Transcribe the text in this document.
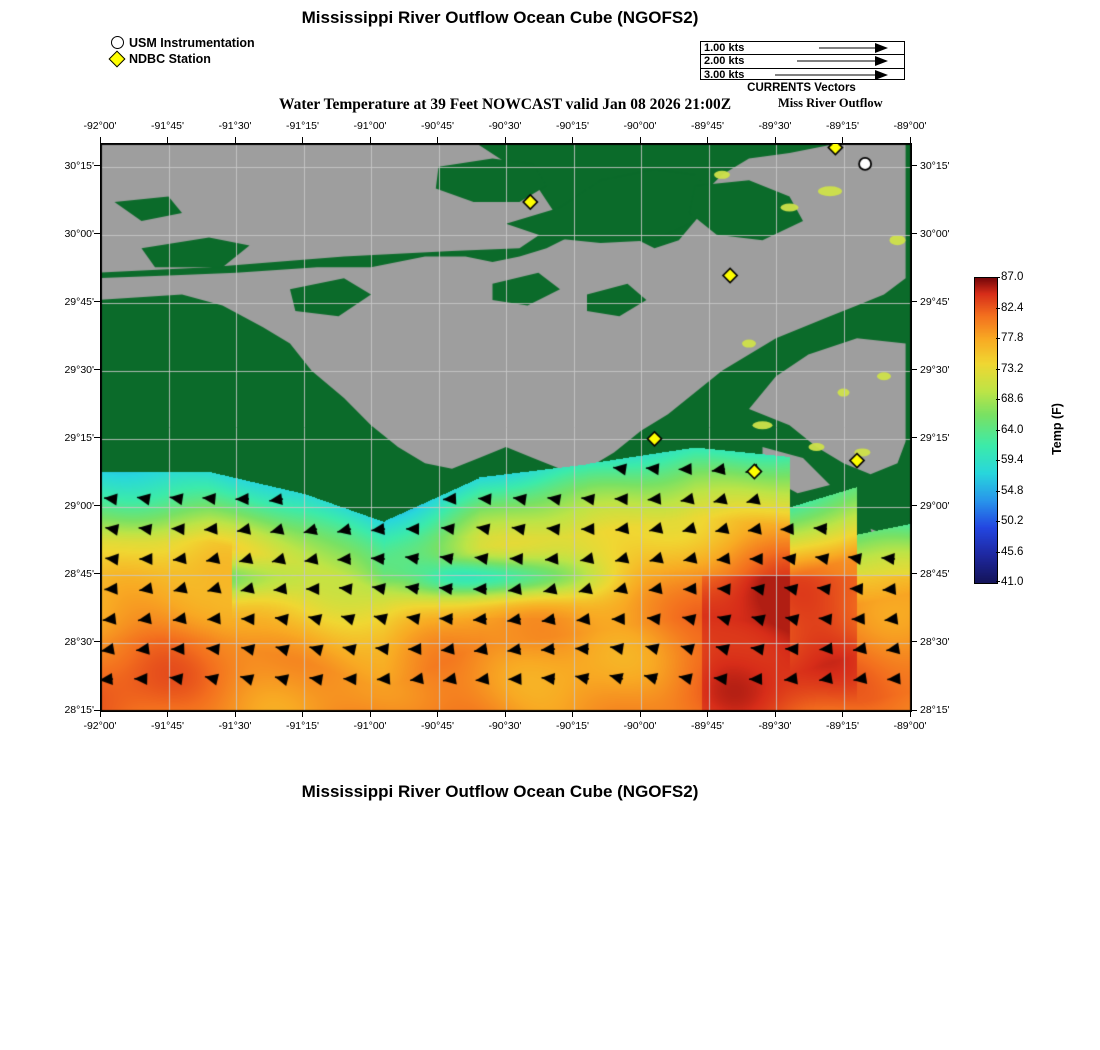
Mississippi River Outflow Ocean Cube (NGOFS2)
Water Temperature at 39 Feet NOWCAST valid Jan 08 2026 21:00Z
Mississippi River Outflow Ocean Cube (NGOFS2)
Miss River Outflow
USM Instrumentation
NDBC Station
1.00 kts
2.00 kts
3.00 kts
CURRENTS Vectors
-92°00'	-91°45'	-91°30'	-91°15'	-91°00'	-90°45'	-90°30'	-90°15'	-90°00'	-89°45'	-89°30'	-89°15'	-89°00'
-92°00'	-91°45'	-91°30'	-91°15'	-91°00'	-90°45'	-90°30'	-90°15'	-90°00'	-89°45'	-89°30'	-89°15'	-89°00'
30°15'
30°00'
29°45'
29°30'
29°15'
29°00'
28°45'
28°30'
28°15'
30°15'
30°00'
29°45'
29°30'
29°15'
29°00'
28°45'
28°30'
28°15'
87.0
82.4
77.8
73.2
68.6
64.0
59.4
54.8
50.2
45.6
41.0
Temp (F)
